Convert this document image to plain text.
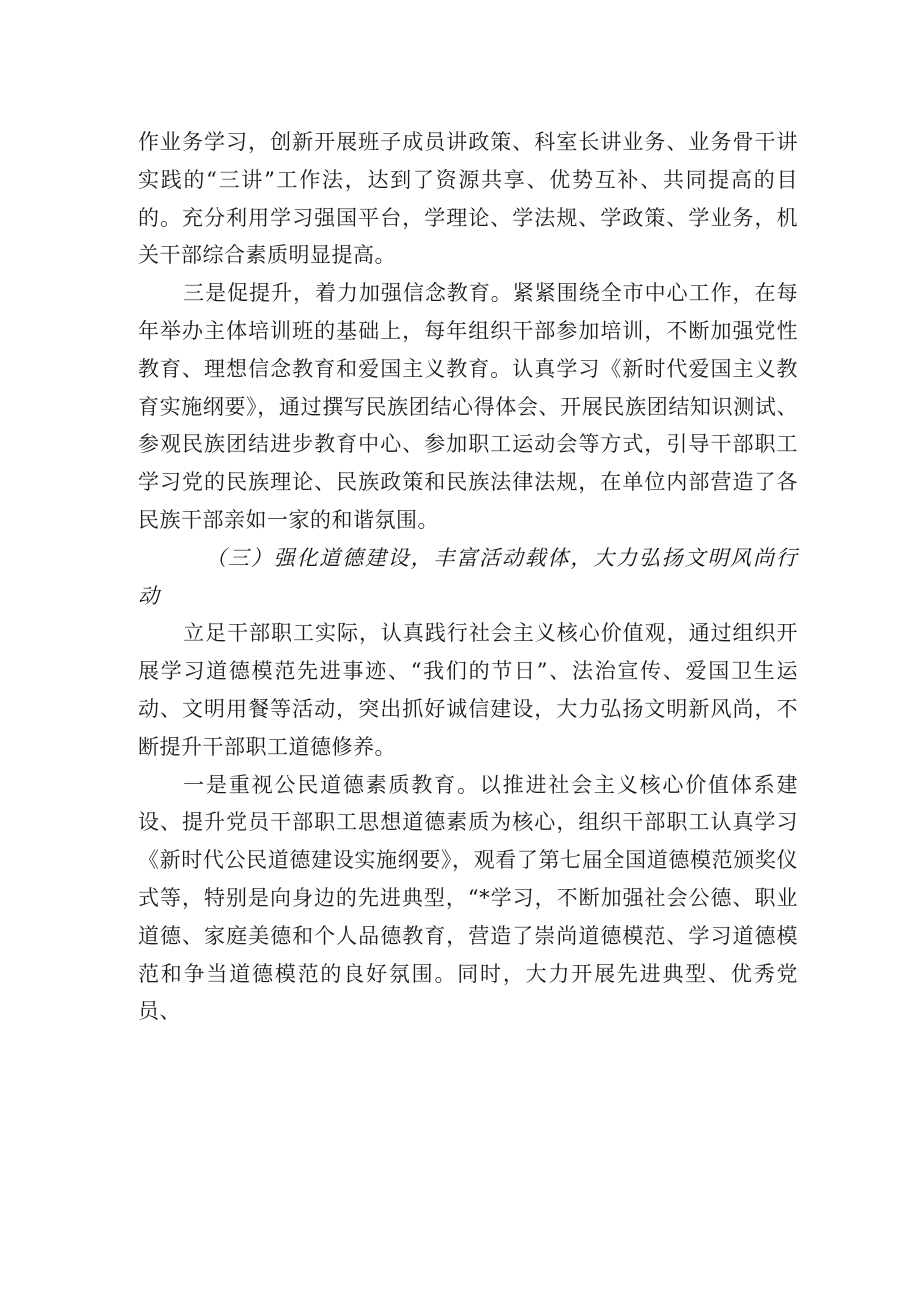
作业务学习，创新开展班子成员讲政策、科室长讲业务、业务骨干讲实践的“三讲”工作法，达到了资源共享、优势互补、共同提高的目的。充分利用学习强国平台，学理论、学法规、学政策、学业务，机关干部综合素质明显提高。

三是促提升，着力加强信念教育。紧紧围绕全市中心工作，在每年举办主体培训班的基础上，每年组织干部参加培训，不断加强党性教育、理想信念教育和爱国主义教育。认真学习《新时代爱国主义教育实施纲要》，通过撰写民族团结心得体会、开展民族团结知识测试、参观民族团结进步教育中心、参加职工运动会等方式，引导干部职工学习党的民族理论、民族政策和民族法律法规，在单位内部营造了各民族干部亲如一家的和谐氛围。

（三）强化道德建设，丰富活动载体，大力弘扬文明风尚行动

立足干部职工实际，认真践行社会主义核心价值观，通过组织开展学习道德模范先进事迹、“我们的节日”、法治宣传、爱国卫生运动、文明用餐等活动，突出抓好诚信建设，大力弘扬文明新风尚，不断提升干部职工道德修养。

一是重视公民道德素质教育。以推进社会主义核心价值体系建设、提升党员干部职工思想道德素质为核心，组织干部职工认真学习《新时代公民道德建设实施纲要》，观看了第七届全国道德模范颁奖仪式等，特别是向身边的先进典型，“*学习，不断加强社会公德、职业道德、家庭美德和个人品德教育，营造了崇尚道德模范、学习道德模范和争当道德模范的良好氛围。同时，大力开展先进典型、优秀党员、
